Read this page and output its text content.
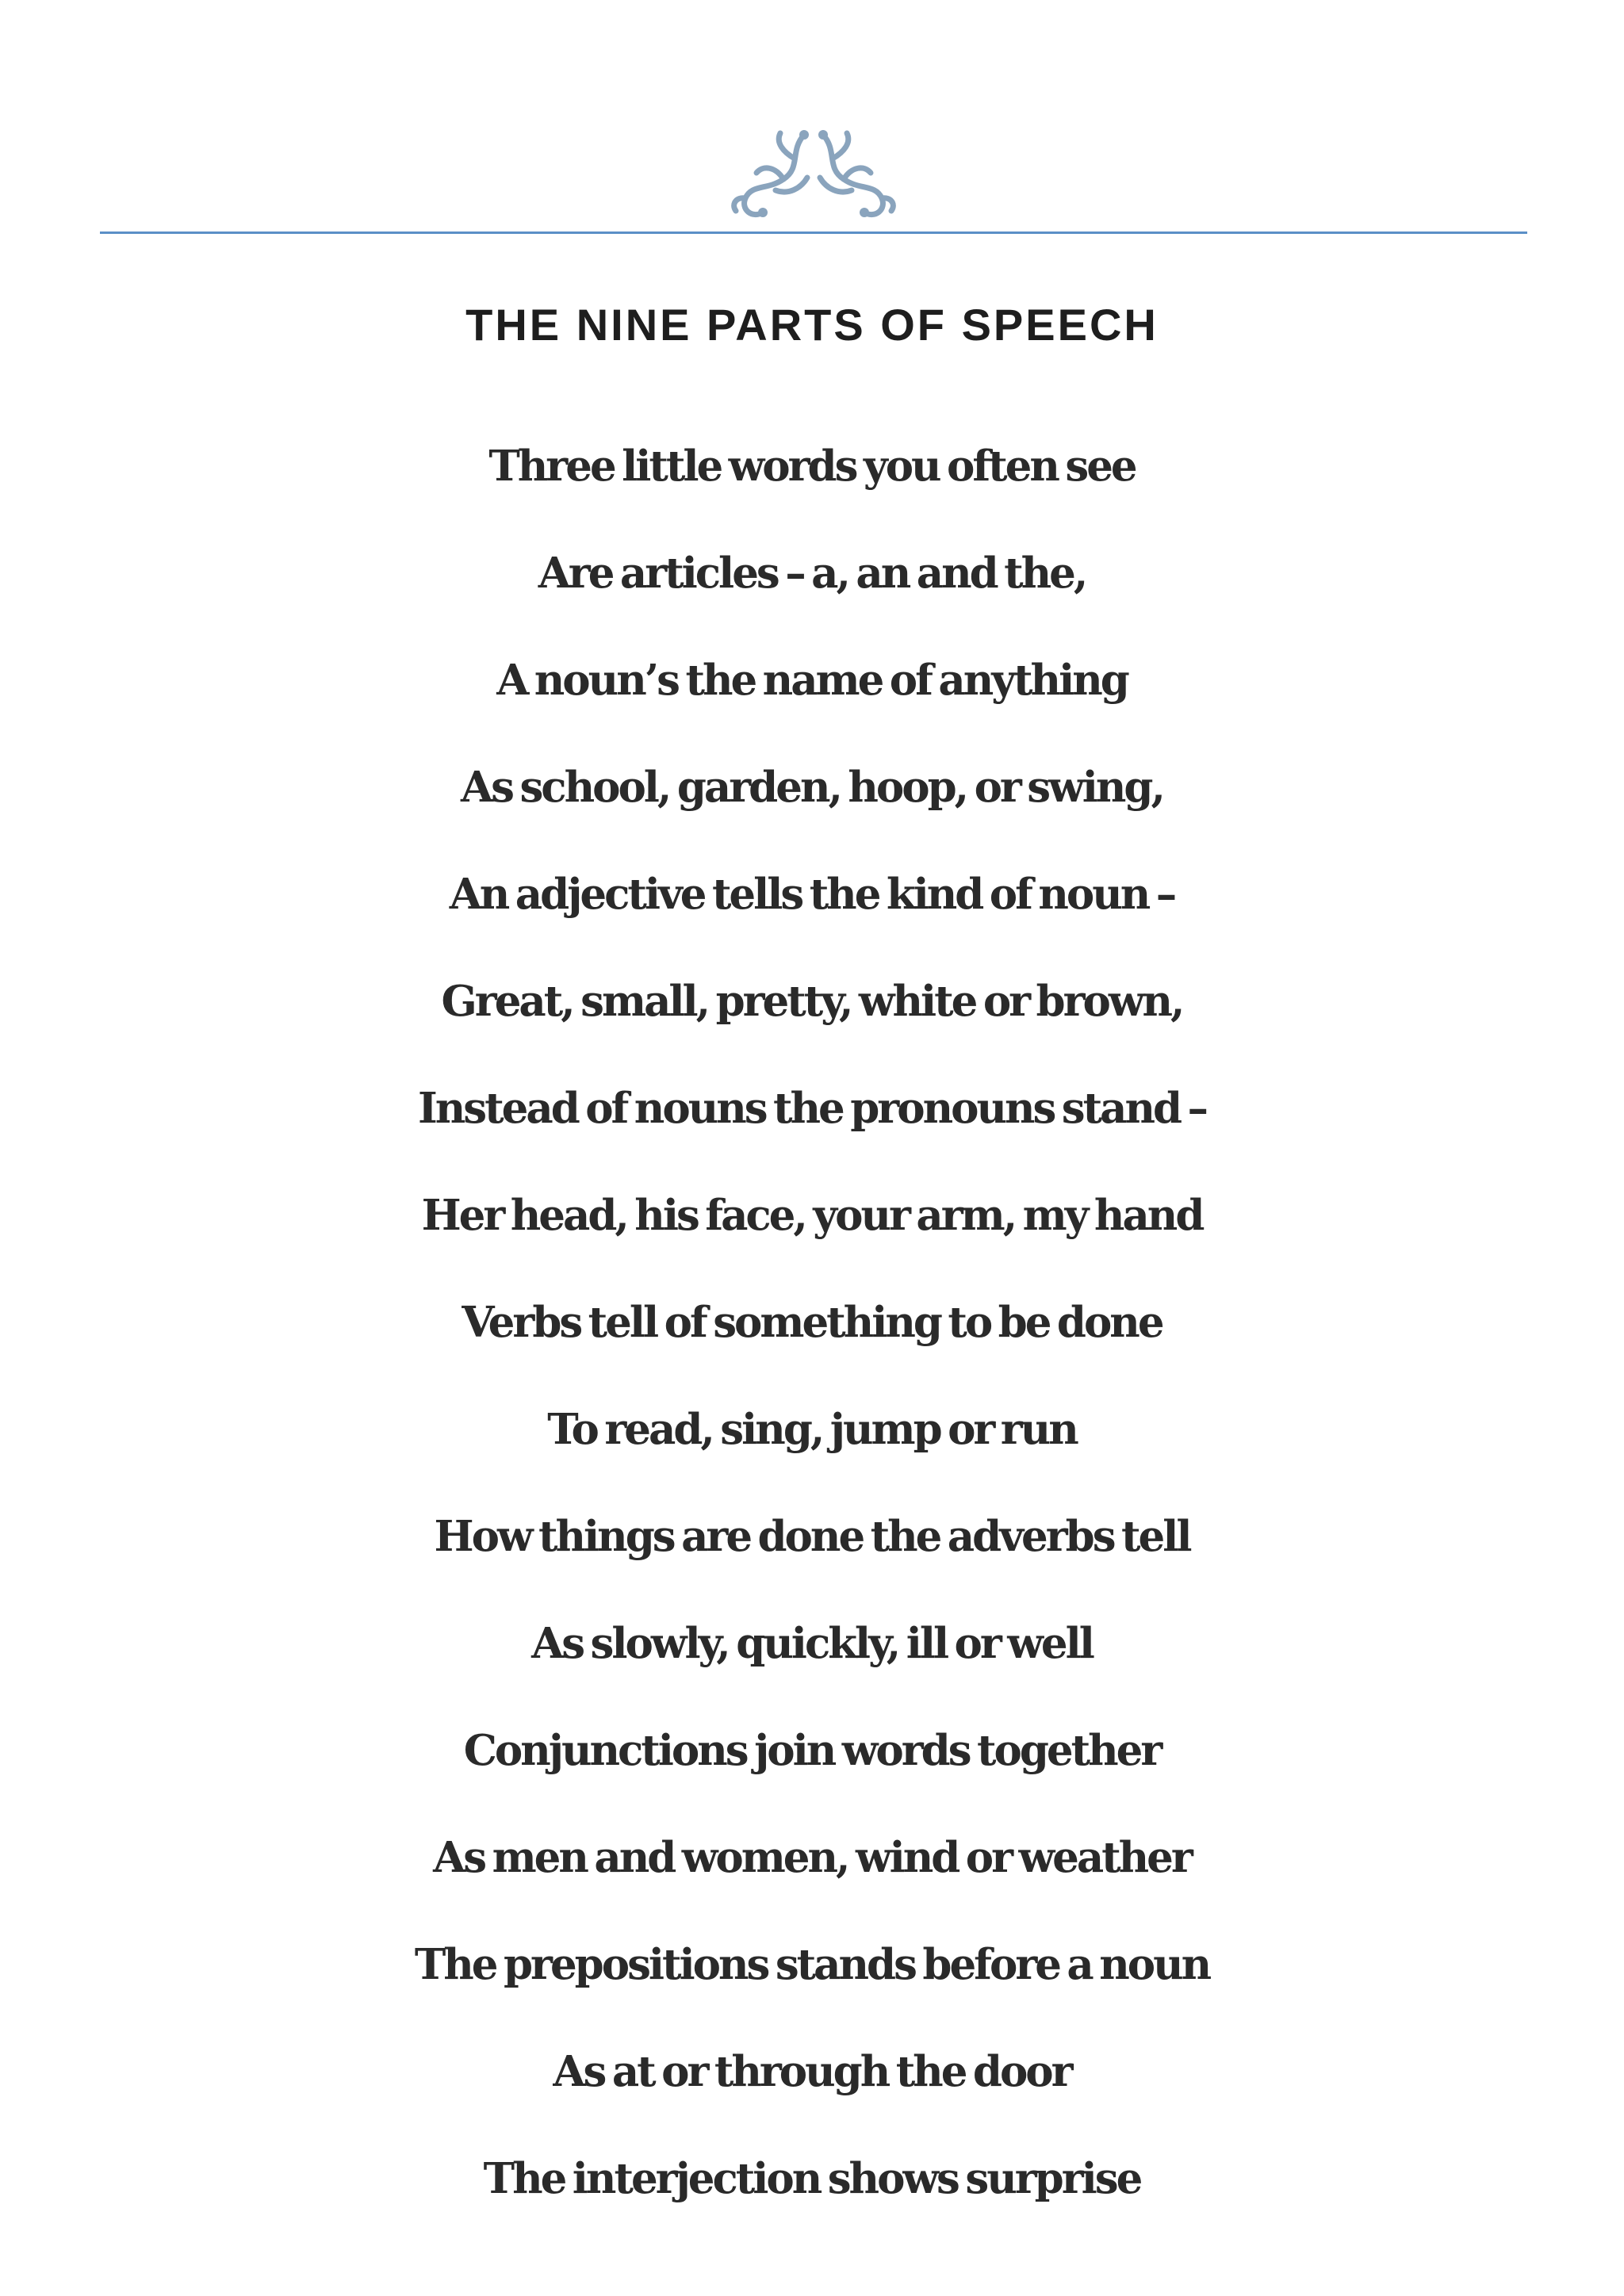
THE NINE PARTS OF SPEECH
Three little words you often see
Are articles – a, an and the,
A noun’s the name of anything
As school, garden, hoop, or swing,
An adjective tells the kind of noun –
Great, small, pretty, white or brown,
Instead of nouns the pronouns stand –
Her head, his face, your arm, my hand
Verbs tell of something to be done
To read, sing, jump or run
How things are done the adverbs tell
As slowly, quickly, ill or well
Conjunctions join words together
As men and women, wind or weather
The prepositions stands before a noun
As at or through the door
The interjection shows surprise
